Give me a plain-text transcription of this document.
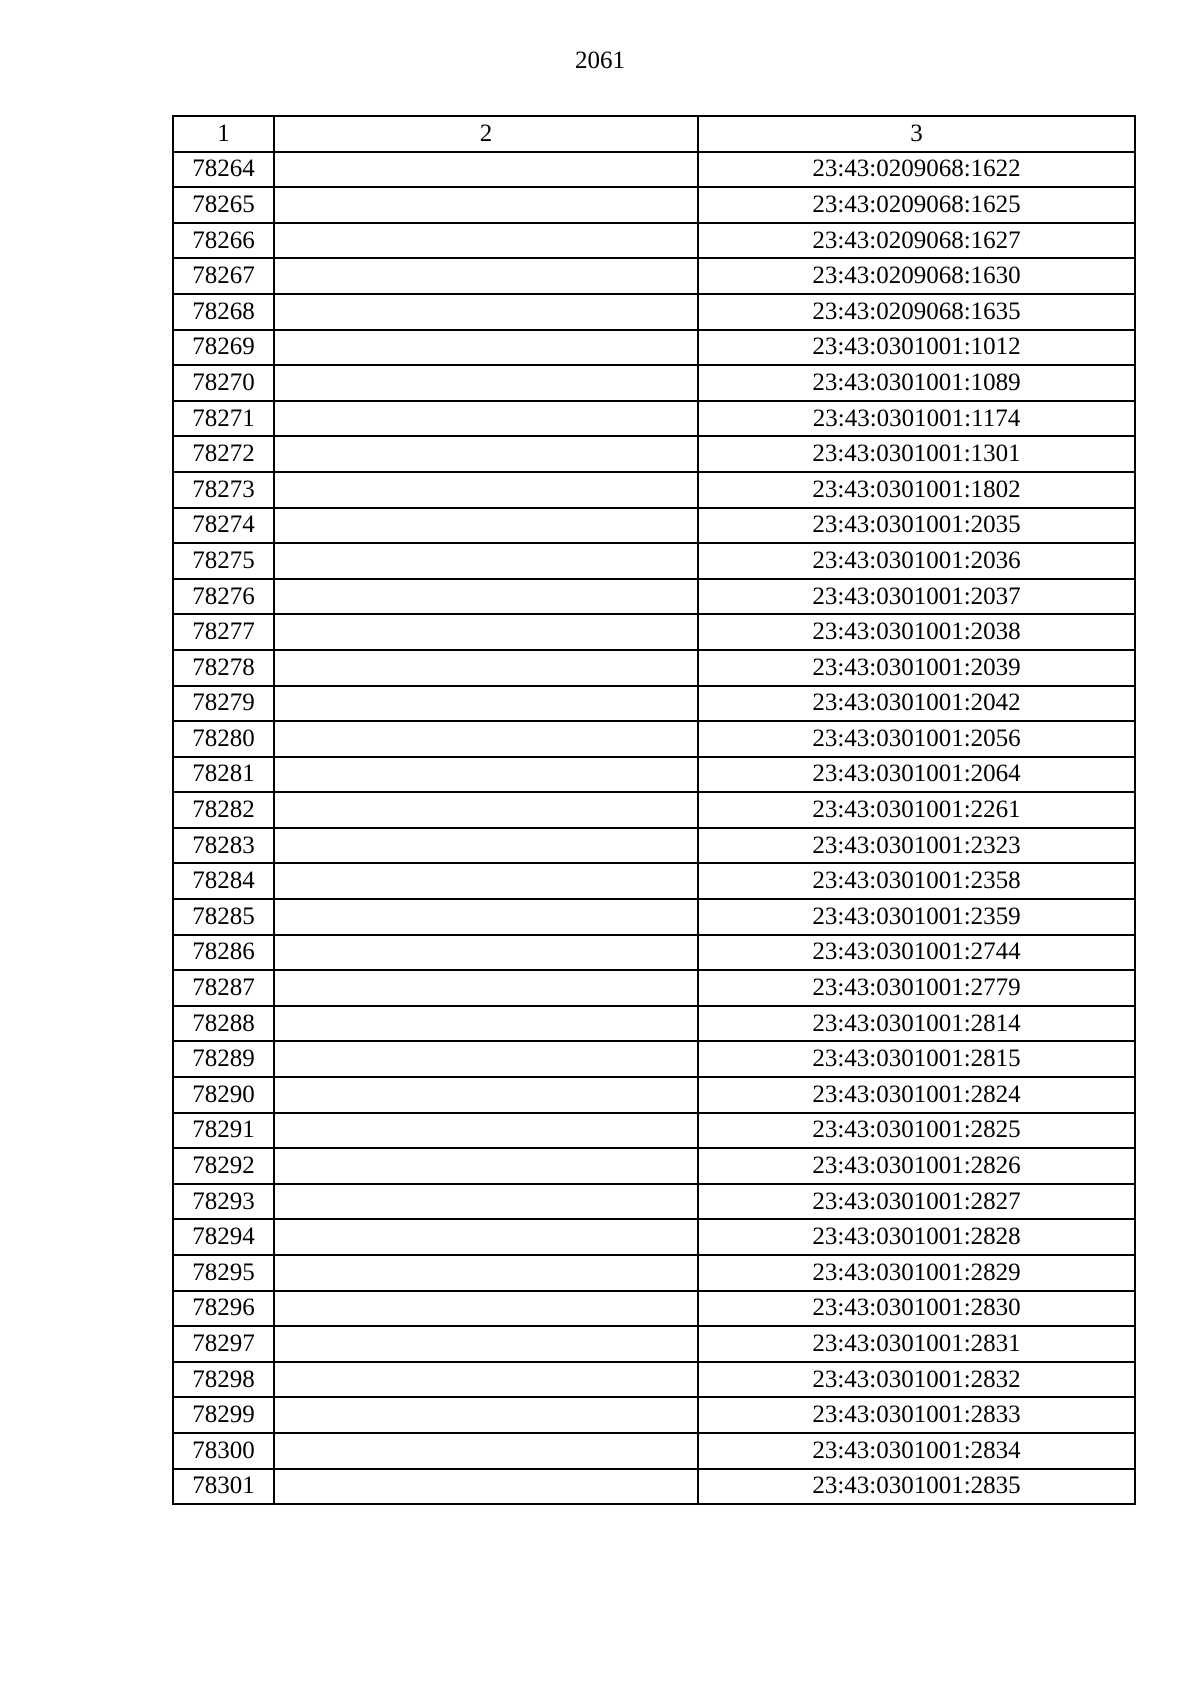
2061
1	2	3
78264		23:43:0209068:1622
78265		23:43:0209068:1625
78266		23:43:0209068:1627
78267		23:43:0209068:1630
78268		23:43:0209068:1635
78269		23:43:0301001:1012
78270		23:43:0301001:1089
78271		23:43:0301001:1174
78272		23:43:0301001:1301
78273		23:43:0301001:1802
78274		23:43:0301001:2035
78275		23:43:0301001:2036
78276		23:43:0301001:2037
78277		23:43:0301001:2038
78278		23:43:0301001:2039
78279		23:43:0301001:2042
78280		23:43:0301001:2056
78281		23:43:0301001:2064
78282		23:43:0301001:2261
78283		23:43:0301001:2323
78284		23:43:0301001:2358
78285		23:43:0301001:2359
78286		23:43:0301001:2744
78287		23:43:0301001:2779
78288		23:43:0301001:2814
78289		23:43:0301001:2815
78290		23:43:0301001:2824
78291		23:43:0301001:2825
78292		23:43:0301001:2826
78293		23:43:0301001:2827
78294		23:43:0301001:2828
78295		23:43:0301001:2829
78296		23:43:0301001:2830
78297		23:43:0301001:2831
78298		23:43:0301001:2832
78299		23:43:0301001:2833
78300		23:43:0301001:2834
78301		23:43:0301001:2835
